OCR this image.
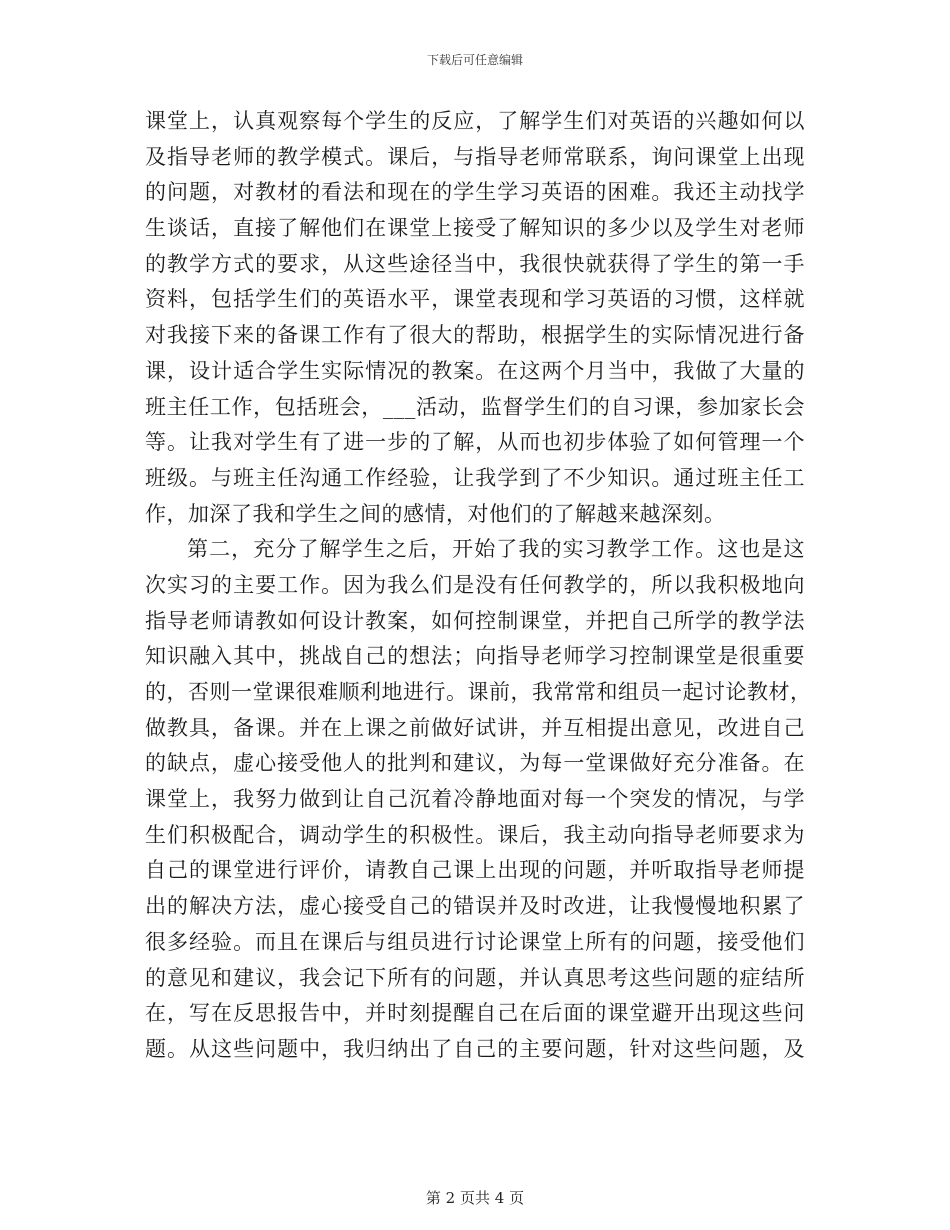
下载后可任意编辑
课堂上，认真观察每个学生的反应，了解学生们对英语的兴趣如何以
及指导老师的教学模式。课后，与指导老师常联系，询问课堂上出现
的问题，对教材的看法和现在的学生学习英语的困难。我还主动找学
生谈话，直接了解他们在课堂上接受了解知识的多少以及学生对老师
的教学方式的要求，从这些途径当中，我很快就获得了学生的第一手
资料，包括学生们的英语水平，课堂表现和学习英语的习惯，这样就
对我接下来的备课工作有了很大的帮助，根据学生的实际情况进行备
课，设计适合学生实际情况的教案。在这两个月当中，我做了大量的
班主任工作，包括班会，___活动，监督学生们的自习课，参加家长会
等。让我对学生有了进一步的了解，从而也初步体验了如何管理一个
班级。与班主任沟通工作经验，让我学到了不少知识。通过班主任工
作，加深了我和学生之间的感情，对他们的了解越来越深刻。
第二，充分了解学生之后，开始了我的实习教学工作。这也是这
次实习的主要工作。因为我么们是没有任何教学的，所以我积极地向
指导老师请教如何设计教案，如何控制课堂，并把自己所学的教学法
知识融入其中，挑战自己的想法；向指导老师学习控制课堂是很重要
的，否则一堂课很难顺利地进行。课前，我常常和组员一起讨论教材，
做教具，备课。并在上课之前做好试讲，并互相提出意见，改进自己
的缺点，虚心接受他人的批判和建议，为每一堂课做好充分准备。在
课堂上，我努力做到让自己沉着冷静地面对每一个突发的情况，与学
生们积极配合，调动学生的积极性。课后，我主动向指导老师要求为
自己的课堂进行评价，请教自己课上出现的问题，并听取指导老师提
出的解决方法，虚心接受自己的错误并及时改进，让我慢慢地积累了
很多经验。而且在课后与组员进行讨论课堂上所有的问题，接受他们
的意见和建议，我会记下所有的问题，并认真思考这些问题的症结所
在，写在反思报告中，并时刻提醒自己在后面的课堂避开出现这些问
题。从这些问题中，我归纳出了自己的主要问题，针对这些问题，及
第 2 页共 4 页
